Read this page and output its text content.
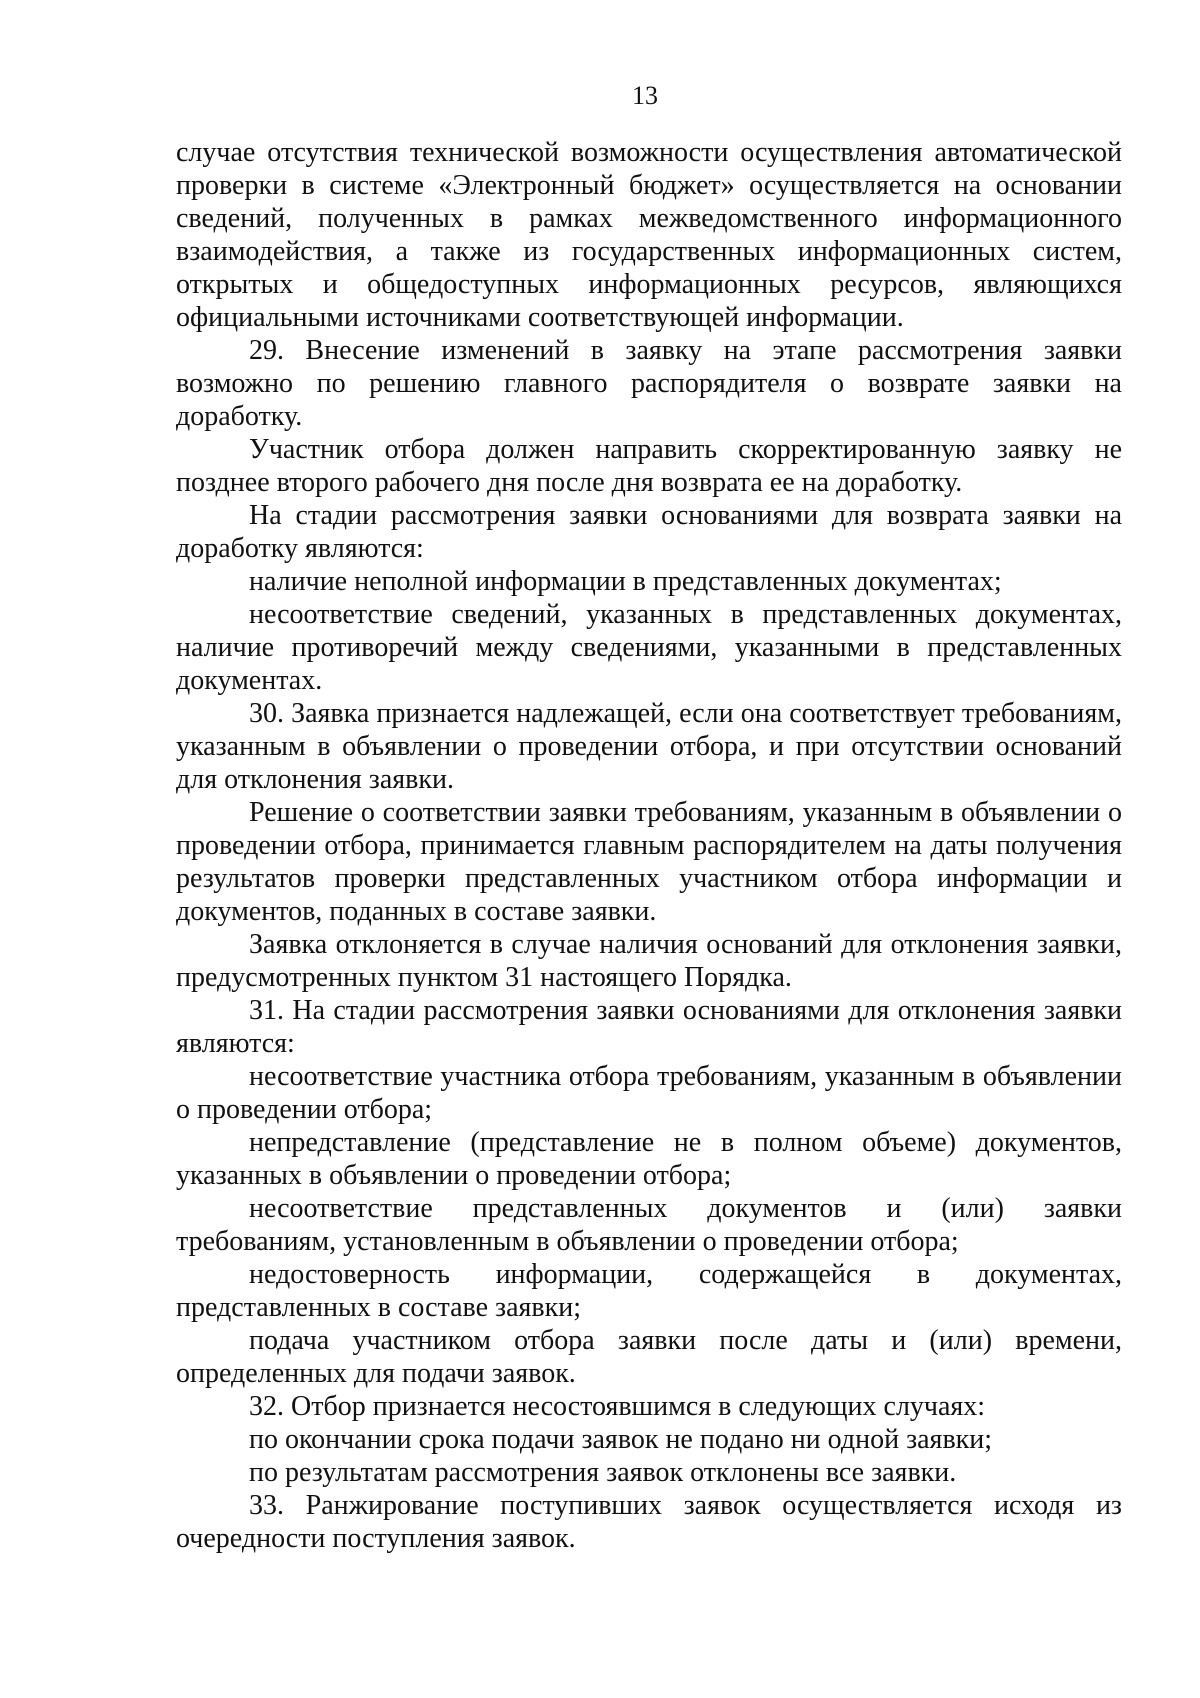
13

случае отсутствия технической возможности осуществления автоматической проверки в системе «Электронный бюджет» осуществляется на основании сведений, полученных в рамках межведомственного информационного взаимодействия, а также из государственных информационных систем, открытых и общедоступных информационных ресурсов, являющихся официальными источниками соответствующей информации.

29. Внесение изменений в заявку на этапе рассмотрения заявки возможно по решению главного распорядителя о возврате заявки на доработку.

Участник отбора должен направить скорректированную заявку не позднее второго рабочего дня после дня возврата ее на доработку.

На стадии рассмотрения заявки основаниями для возврата заявки на доработку являются:

наличие неполной информации в представленных документах;

несоответствие сведений, указанных в представленных документах, наличие противоречий между сведениями, указанными в представленных документах.

30. Заявка признается надлежащей, если она соответствует требованиям, указанным в объявлении о проведении отбора, и при отсутствии оснований для отклонения заявки.

Решение о соответствии заявки требованиям, указанным в объявлении о проведении отбора, принимается главным распорядителем на даты получения результатов проверки представленных участником отбора информации и документов, поданных в составе заявки.

Заявка отклоняется в случае наличия оснований для отклонения заявки, предусмотренных пунктом 31 настоящего Порядка.

31. На стадии рассмотрения заявки основаниями для отклонения заявки являются:

несоответствие участника отбора требованиям, указанным в объявлении о проведении отбора;

непредставление (представление не в полном объеме) документов, указанных в объявлении о проведении отбора;

несоответствие представленных документов и (или) заявки требованиям, установленным в объявлении о проведении отбора;

недостоверность информации, содержащейся в документах, представленных в составе заявки;

подача участником отбора заявки после даты и (или) времени, определенных для подачи заявок.

32. Отбор признается несостоявшимся в следующих случаях:

по окончании срока подачи заявок не подано ни одной заявки;

по результатам рассмотрения заявок отклонены все заявки.

33. Ранжирование поступивших заявок осуществляется исходя из очередности поступления заявок.
